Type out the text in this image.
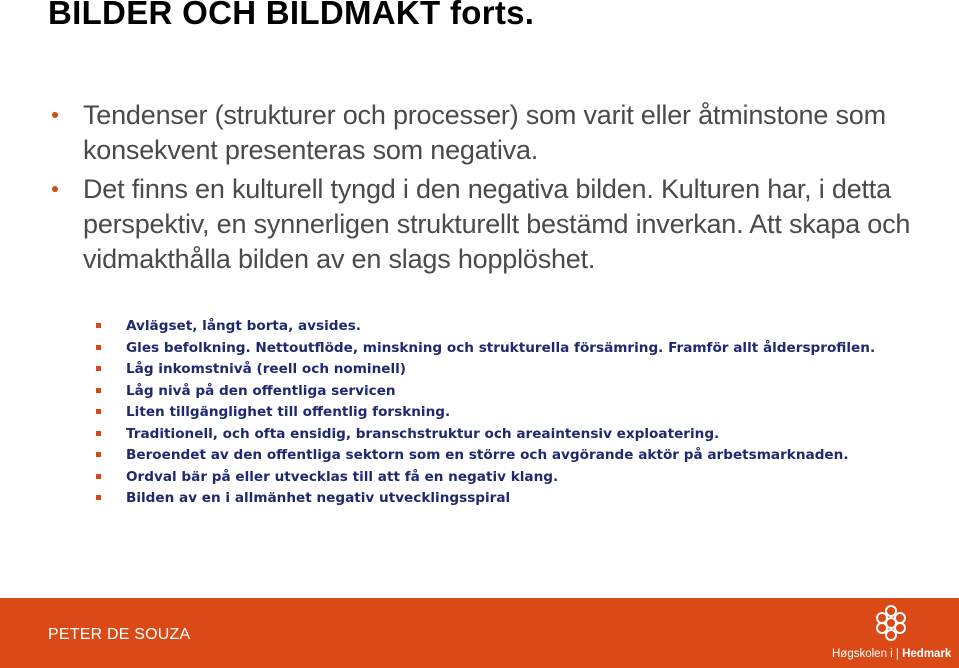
BILDER OCH BILDMAKT forts.
Tendenser (strukturer och processer) som varit eller åtminstone som konsekvent presenteras som negativa.
Det finns en kulturell tyngd i den negativa bilden. Kulturen har, i detta perspektiv, en synnerligen strukturellt bestämd inverkan. Att skapa och vidmakthålla bilden av en slags hopplöshet.
Avlägset, långt borta, avsides.
Gles befolkning. Nettoutflöde, minskning och strukturella försämring. Framför allt åldersprofilen.
Låg inkomstnivå (reell och nominell)
Låg nivå på den offentliga servicen
Liten tillgänglighet till offentlig forskning.
Traditionell, och ofta ensidig, branschstruktur och areaintensiv exploatering.
Beroendet av den offentliga sektorn som en större och avgörande aktör på arbetsmarknaden.
Ordval bär på eller utvecklas till att få en negativ klang.
Bilden av en i allmänhet negativ utvecklingsspiral
PETER DE SOUZA
Høgskolen i | Hedmark
